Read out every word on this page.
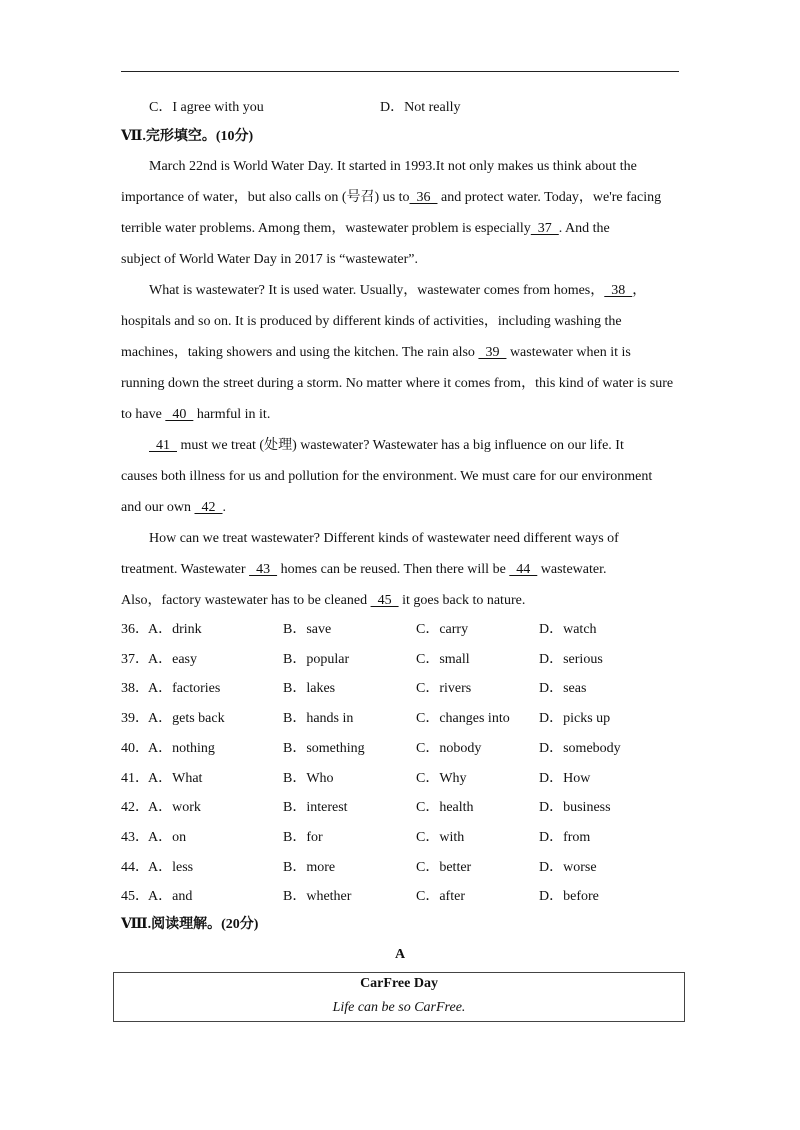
C．I agree with you	D．Not really
Ⅶ.完形填空。(10分)
March 22nd is World Water Day. It started in 1993.It not only makes us think about the
importance of water，but also calls on (号召) us to  36   and protect water. Today，we're facing
terrible water problems. Among them，wastewater problem is especially  37  . And the
subject of World Water Day in 2017 is “wastewater”.
What is wastewater? It is used water. Usually，wastewater comes from homes，  38  ，
hospitals and so on. It is produced by different kinds of activities，including washing the
machines，taking showers and using the kitchen. The rain also   39   wastewater when it is
running down the street during a storm. No matter where it comes from，this kind of water is sure
to have   40   harmful in it.
41   must we treat (处理) wastewater? Wastewater has a big influence on our life. It
causes both illness for us and pollution for the environment. We must care for our environment
and our own   42  .
How can we treat wastewater? Different kinds of wastewater need different ways of
treatment. Wastewater   43   homes can be reused. Then there will be   44   wastewater.
Also，factory wastewater has to be cleaned   45   it goes back to nature.
36． A．drink	B．save	C．carry	D．watch
37． A．easy	B．popular	C．small	D．serious
38． A．factories	B．lakes	C．rivers	D．seas
39． A．gets back	B．hands in	C．changes into D．picks up
40． A．nothing	B．something	C．nobody	D．somebody
41． A．What	B．Who	C．Why	D．How
42． A．work	B．interest	C．health	D．business
43． A．on	B．for	C．with	D．from
44． A．less	B．more	C．better	D．worse
45． A．and	B．whether	C．after	D．before
Ⅷ.阅读理解。(20分)
A
CarFree Day
Life can be so CarFree.
